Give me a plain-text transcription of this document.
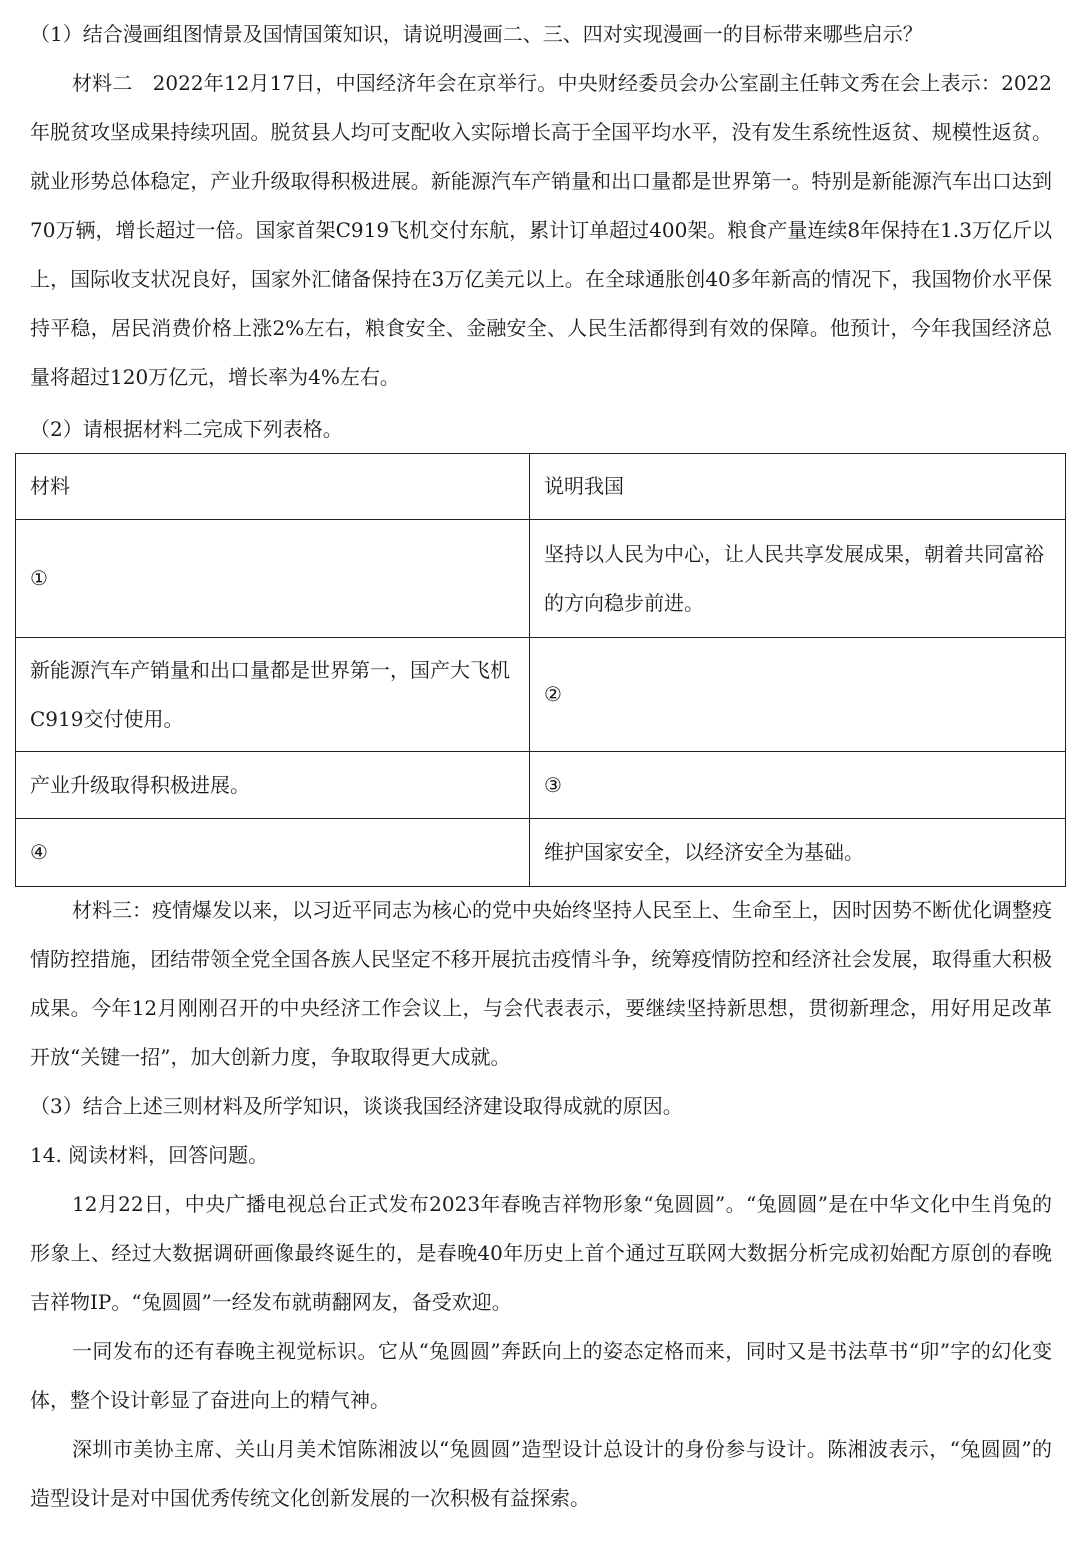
（1）结合漫画组图情景及国情国策知识，请说明漫画二、三、四对实现漫画一的目标带来哪些启示？
材料二　2022年12月17日，中国经济年会在京举行。中央财经委员会办公室副主任韩文秀在会上表示：2022年脱贫攻坚成果持续巩固。脱贫县人均可支配收入实际增长高于全国平均水平，没有发生系统性返贫、规模性返贫。就业形势总体稳定，产业升级取得积极进展。新能源汽车产销量和出口量都是世界第一。特别是新能源汽车出口达到70万辆，增长超过一倍。国家首架C919飞机交付东航，累计订单超过400架。粮食产量连续8年保持在1.3万亿斤以上，国际收支状况良好，国家外汇储备保持在3万亿美元以上。在全球通胀创40多年新高的情况下，我国物价水平保持平稳，居民消费价格上涨2%左右，粮食安全、金融安全、人民生活都得到有效的保障。他预计，今年我国经济总量将超过120万亿元，增长率为4%左右。
（2）请根据材料二完成下列表格。
材料	说明我国
①	坚持以人民为中心，让人民共享发展成果，朝着共同富裕的方向稳步前进。
新能源汽车产销量和出口量都是世界第一，国产大飞机C919交付使用。	②
产业升级取得积极进展。	③
④	维护国家安全，以经济安全为基础。
材料三：疫情爆发以来，以习近平同志为核心的党中央始终坚持人民至上、生命至上，因时因势不断优化调整疫情防控措施，团结带领全党全国各族人民坚定不移开展抗击疫情斗争，统筹疫情防控和经济社会发展，取得重大积极成果。今年12月刚刚召开的中央经济工作会议上，与会代表表示，要继续坚持新思想，贯彻新理念，用好用足改革开放“关键一招”，加大创新力度，争取取得更大成就。
（3）结合上述三则材料及所学知识，谈谈我国经济建设取得成就的原因。
14. 阅读材料，回答问题。
12月22日，中央广播电视总台正式发布2023年春晚吉祥物形象“兔圆圆”。“兔圆圆”是在中华文化中生肖兔的形象上、经过大数据调研画像最终诞生的，是春晚40年历史上首个通过互联网大数据分析完成初始配方原创的春晚吉祥物IP。“兔圆圆”一经发布就萌翻网友，备受欢迎。
一同发布的还有春晚主视觉标识。它从“兔圆圆”奔跃向上的姿态定格而来，同时又是书法草书“卯”字的幻化变体，整个设计彰显了奋进向上的精气神。
深圳市美协主席、关山月美术馆陈湘波以“兔圆圆”造型设计总设计的身份参与设计。陈湘波表示，“兔圆圆”的造型设计是对中国优秀传统文化创新发展的一次积极有益探索。
